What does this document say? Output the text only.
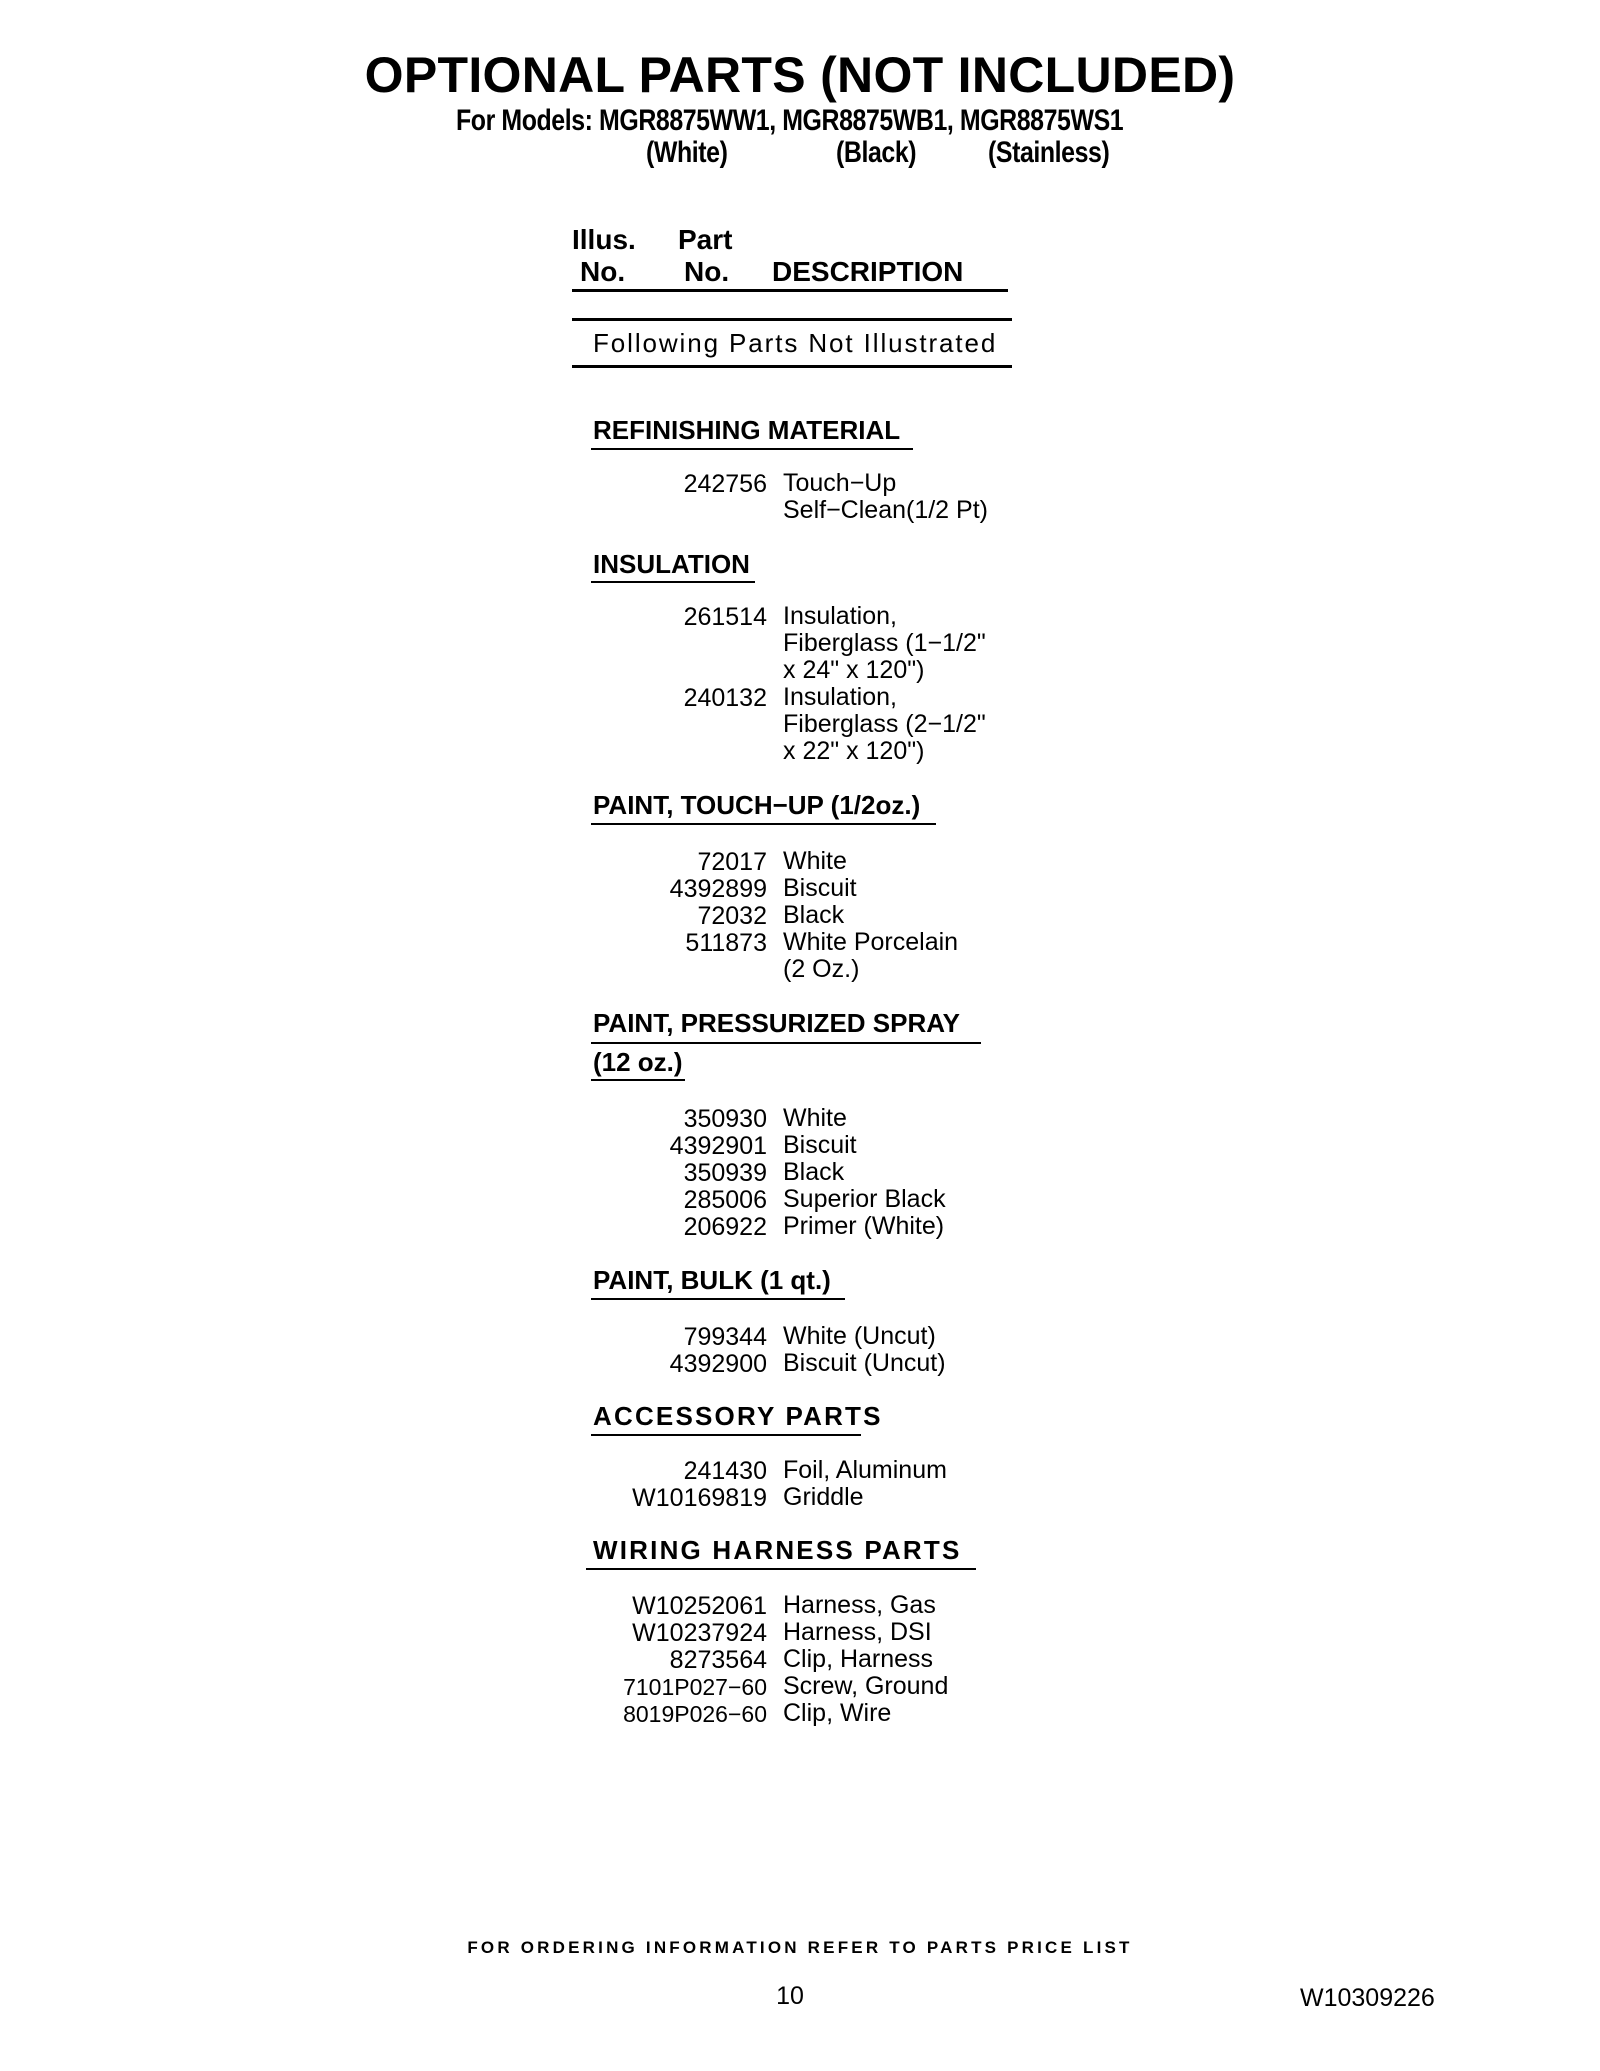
OPTIONAL PARTS (NOT INCLUDED)
For Models: MGR8875WW1, MGR8875WB1, MGR8875WS1
(White)	(Black) (Stainless)
Illus.
No.
Part
No. DESCRIPTION
Following Parts Not Illustrated
REFINISHING MATERIAL
242756 Touch−Up
Self−Clean(1/2 Pt)
INSULATION
261514 Insulation,
Fiberglass (1−1/2"
x 24" x 120")
240132 Insulation,
Fiberglass (2−1/2"
x 22" x 120")
PAINT, TOUCH−UP (1/2oz.)
72017 White
4392899 Biscuit
72032 Black
511873 White Porcelain
(2 Oz.)
PAINT, PRESSURIZED SPRAY
(12 oz.)
350930 White
4392901 Biscuit
350939 Black
285006 Superior Black
206922 Primer (White)
PAINT, BULK (1 qt.)
799344 White (Uncut)
4392900 Biscuit (Uncut)
ACCESSORY PARTS
241430 Foil, Aluminum
W10169819 Griddle
WIRING HARNESS PARTS
W10252061 Harness, Gas
W10237924 Harness, DSI
8273564 Clip, Harness
7101P027−60 Screw, Ground
8019P026−60 Clip, Wire
FOR ORDERING INFORMATION REFER TO PARTS PRICE LIST
10	W10309226
